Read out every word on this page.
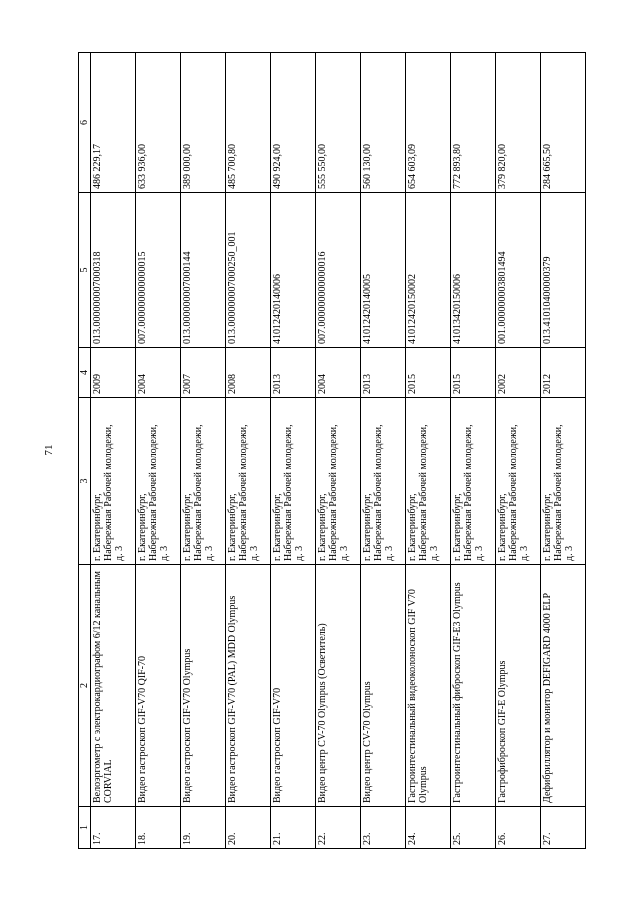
71
1	2	3	4	5	6
17.	Велоэргометр с электрокардиографом 6/12 канальным CORVIAL	г. Екатеринбург, Набережная Рабочей молодежи, д. 3	2009	013.000000007000318	486 229,17
18.	Видео гастроскоп GIF-V70 QIF-70	г. Екатеринбург, Набережная Рабочей молодежи, д. 3	2004	007.000000000000015	633 936,00
19.	Видео гастроскоп GIF-V70 Olympus	г. Екатеринбург, Набережная Рабочей молодежи, д. 3	2007	013.000000007000144	389 000,00
20.	Видео гастроскоп GIF-V70 (PAL) MDD Olympus	г. Екатеринбург, Набережная Рабочей молодежи, д. 3	2008	013.000000007000250_001	485 700,80
21.	Видео гастроскоп GIF-V70	г. Екатеринбург, Набережная Рабочей молодежи, д. 3	2013	41012420140006	490 924,00
22.	Видео центр CV-70 Olympus (Осветитель)	г. Екатеринбург, Набережная Рабочей молодежи, д. 3	2004	007.000000000000016	555 550,00
23.	Видео центр CV-70 Olympus	г. Екатеринбург, Набережная Рабочей молодежи, д. 3	2013	41012420140005	560 130,00
24.	Гастроинтестинальный видеоколоноскоп GIF V70 Olympus	г. Екатеринбург, Набережная Рабочей молодежи, д. 3	2015	41012420150002	654 603,09
25.	Гастроинтестинальный фиброскоп GIF-E3 Olympus	г. Екатеринбург, Набережная Рабочей молодежи, д. 3	2015	41013420150006	772 893,80
26.	Гастрофиброскоп GIF-E Olympus	г. Екатеринбург, Набережная Рабочей молодежи, д. 3	2002	001.000000003801494	379 820,00
27.	Дефибриллятор и монитор DEFIGARD 4000 ELP	г. Екатеринбург, Набережная Рабочей молодежи, д. 3	2012	013.41010400000379	284 665,50
